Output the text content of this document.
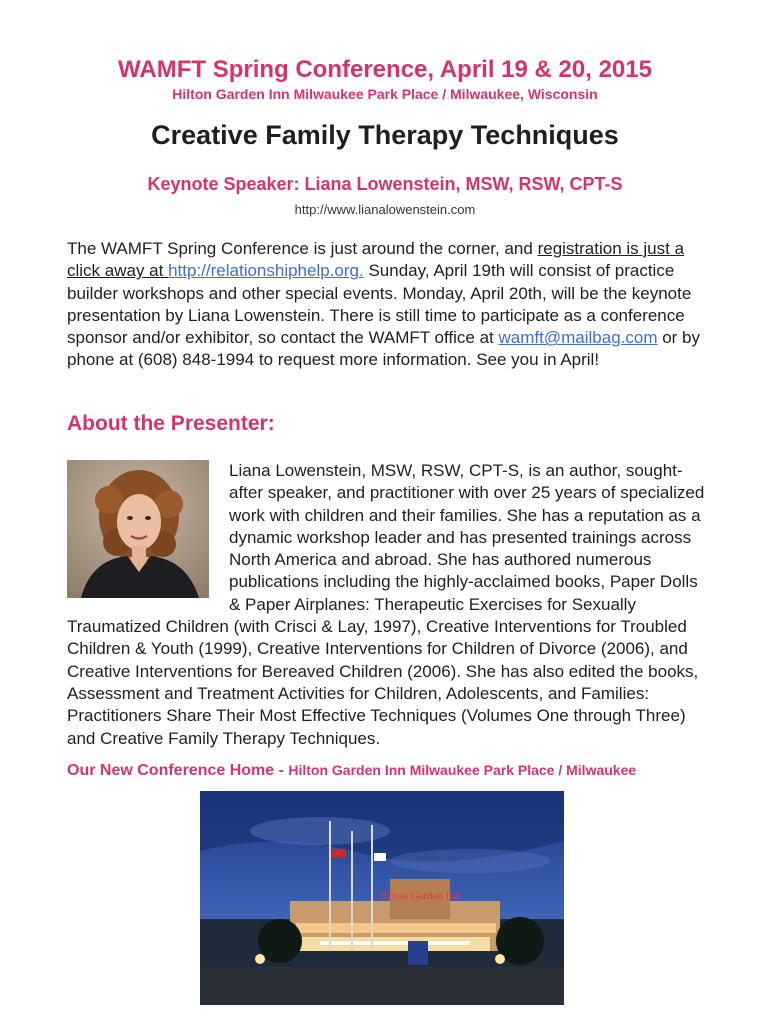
WAMFT Spring Conference, April 19 & 20, 2015
Hilton Garden Inn Milwaukee Park Place / Milwaukee, Wisconsin
Creative Family Therapy Techniques
Keynote Speaker: Liana Lowenstein, MSW, RSW, CPT-S
http://www.lianalowenstein.com
The WAMFT Spring Conference is just around the corner, and registration is just a click away at http://relationshiphelp.org. Sunday, April 19th will consist of practice builder workshops and other special events. Monday, April 20th, will be the keynote presentation by Liana Lowenstein. There is still time to participate as a conference sponsor and/or exhibitor, so contact the WAMFT office at wamft@mailbag.com or by phone at (608) 848-1994 to request more information. See you in April!
About the Presenter:
Liana Lowenstein, MSW, RSW, CPT-S, is an author, sought-after speaker, and practitioner with over 25 years of specialized work with children and their families. She has a reputation as a dynamic workshop leader and has presented trainings across North America and abroad. She has authored numerous publications including the highly-acclaimed books, Paper Dolls & Paper Airplanes: Therapeutic Exercises for Sexually Traumatized Children (with Crisci & Lay, 1997), Creative Interventions for Troubled Children & Youth (1999), Creative Interventions for Children of Divorce (2006), and Creative Interventions for Bereaved Children (2006). She has also edited the books, Assessment and Treatment Activities for Children, Adolescents, and Families: Practitioners Share Their Most Effective Techniques (Volumes One through Three) and Creative Family Therapy Techniques.
Our New Conference Home - Hilton Garden Inn Milwaukee Park Place / Milwaukee
Hilton Garden Inn
